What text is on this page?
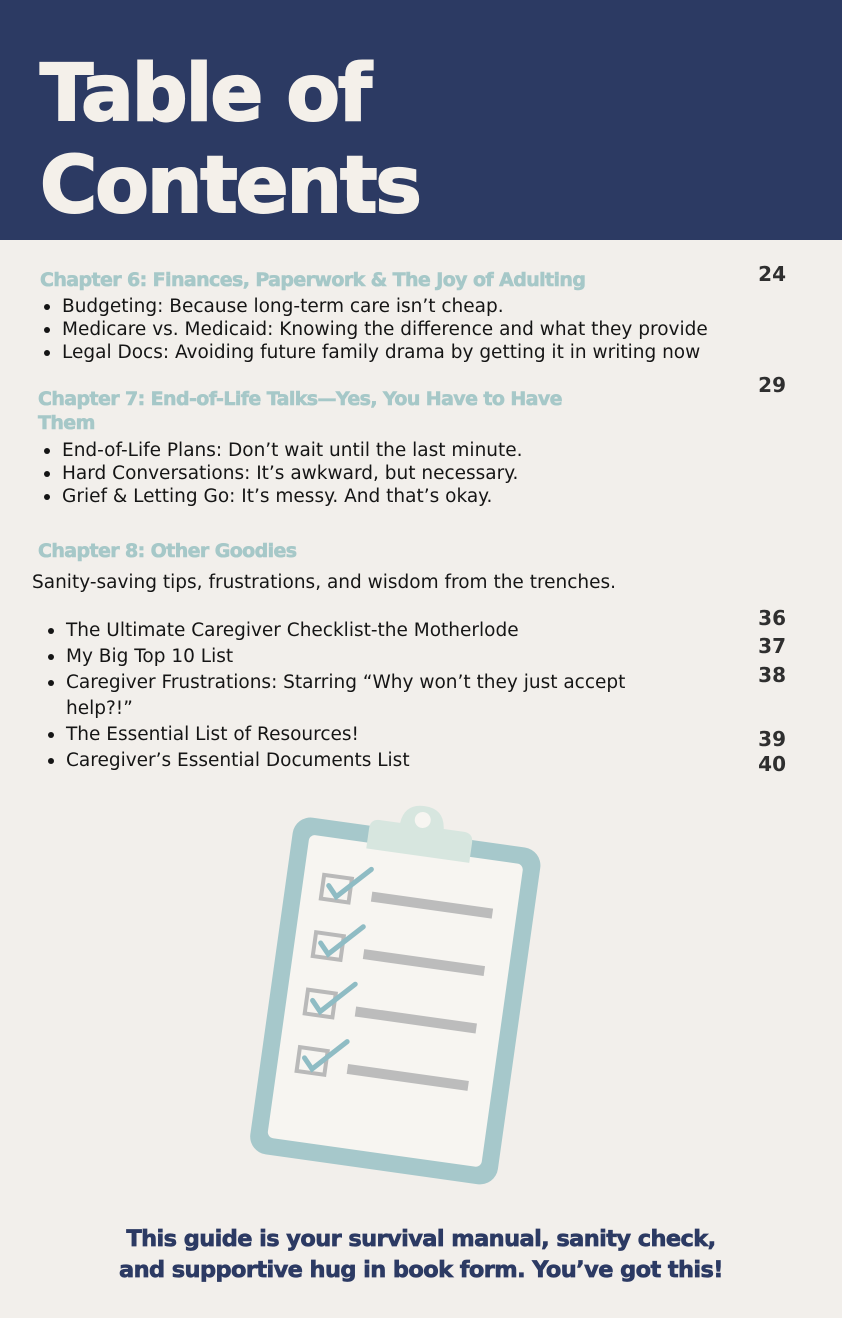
Table of
Contents

Chapter 6: Finances, Paperwork & The Joy of Adulting	24

Budgeting: Because long-term care isn’t cheap.
Medicare vs. Medicaid: Knowing the difference and what they provide
Legal Docs: Avoiding future family drama by getting it in writing now

Chapter 7: End-of-Life Talks—Yes, You Have to Have
Them

29

End-of-Life Plans: Don’t wait until the last minute.
Hard Conversations: It’s awkward, but necessary.
Grief & Letting Go: It’s messy. And that’s okay.

Chapter 8: Other Goodies

Sanity-saving tips, frustrations, and wisdom from the trenches.

The Ultimate Caregiver Checklist-the Motherlode
My Big Top 10 List
Caregiver Frustrations: Starring “Why won’t they just accept help?!”
The Essential List of Resources!
Caregiver’s Essential Documents List

36

37

38

39

40

This guide is your survival manual, sanity check,
and supportive hug in book form. You’ve got this!
